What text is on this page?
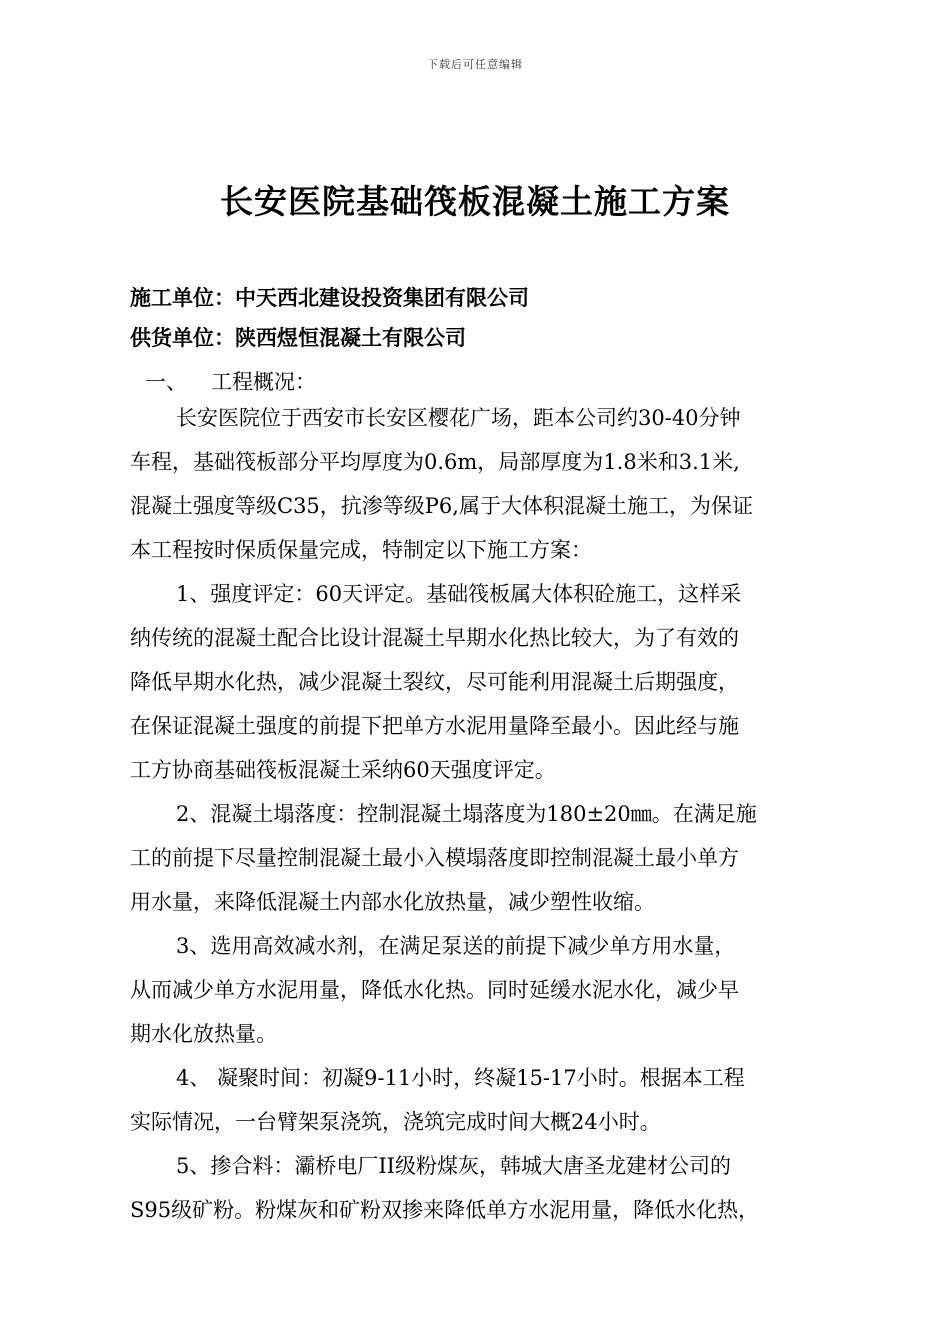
下载后可任意编辑
长安医院基础筏板混凝土施工方案
施工单位：中天西北建设投资集团有限公司
供货单位：陕西煜恒混凝土有限公司
一、 工程概况：
长安医院位于西安市长安区樱花广场，距本公司约30-40分钟
车程，基础筏板部分平均厚度为0.6m，局部厚度为1.8米和3.1米,
混凝土强度等级C35，抗渗等级P6,属于大体积混凝土施工，为保证
本工程按时保质保量完成，特制定以下施工方案：
1、强度评定：60天评定。基础筏板属大体积砼施工，这样采
纳传统的混凝土配合比设计混凝土早期水化热比较大，为了有效的
降低早期水化热，减少混凝土裂纹，尽可能利用混凝土后期强度，
在保证混凝土强度的前提下把单方水泥用量降至最小。因此经与施
工方协商基础筏板混凝土采纳60天强度评定。
2、混凝土塌落度：控制混凝土塌落度为180±20㎜。在满足施
工的前提下尽量控制混凝土最小入模塌落度即控制混凝土最小单方
用水量，来降低混凝土内部水化放热量，减少塑性收缩。
3、选用高效减水剂，在满足泵送的前提下减少单方用水量，
从而减少单方水泥用量，降低水化热。同时延缓水泥水化，减少早
期水化放热量。
4、 凝聚时间：初凝9-11小时，终凝15-17小时。根据本工程
实际情况，一台臂架泵浇筑，浇筑完成时间大概24小时。
5、掺合料：灞桥电厂II级粉煤灰，韩城大唐圣龙建材公司的
S95级矿粉。粉煤灰和矿粉双掺来降低单方水泥用量，降低水化热，
